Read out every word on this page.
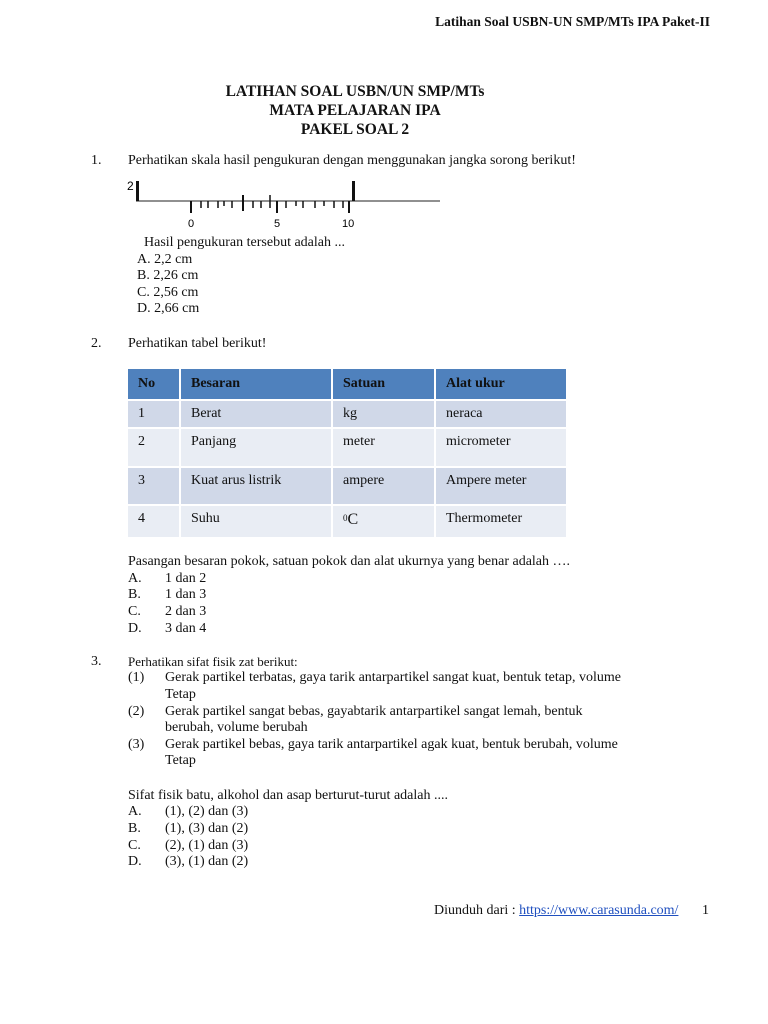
Latihan Soal USBN-UN SMP/MTs IPA Paket-II
LATIHAN SOAL USBN/UN SMP/MTs
MATA PELAJARAN IPA
PAKEL SOAL 2
1. Perhatikan skala hasil pengukuran dengan menggunakan jangka sorong berikut!
2
0	5	10
Hasil pengukuran tersebut adalah ...
A. 2,2 cm
B. 2,26 cm
C. 2,56 cm
D. 2,66 cm
2. Perhatikan tabel berikut!
No	Besaran	Satuan	Alat ukur
1	Berat	kg	neraca
2	Panjang	meter	micrometer
3	Kuat arus listrik	ampere	Ampere meter
4	Suhu	$^0$C	Thermometer
Pasangan besaran pokok, satuan pokok dan alat ukurnya yang benar adalah ….
A. 1 dan 2
B. 1 dan 3
C. 2 dan 3
D. 3 dan 4
3. Perhatikan sifat fisik zat berikut:
(1) Gerak partikel terbatas, gaya tarik antarpartikel sangat kuat, bentuk tetap, volume
Tetap
(2) Gerak partikel sangat bebas, gayabtarik antarpartikel sangat lemah, bentuk
berubah, volume berubah
(3) Gerak partikel bebas, gaya tarik antarpartikel agak kuat, bentuk berubah, volume
Tetap
Sifat fisik batu, alkohol dan asap berturut-turut adalah ....
A. (1), (2) dan (3)
B. (1), (3) dan (2)
C. (2), (1) dan (3)
D. (3), (1) dan (2)
Diunduh dari : https://www.carasunda.com/ 1
